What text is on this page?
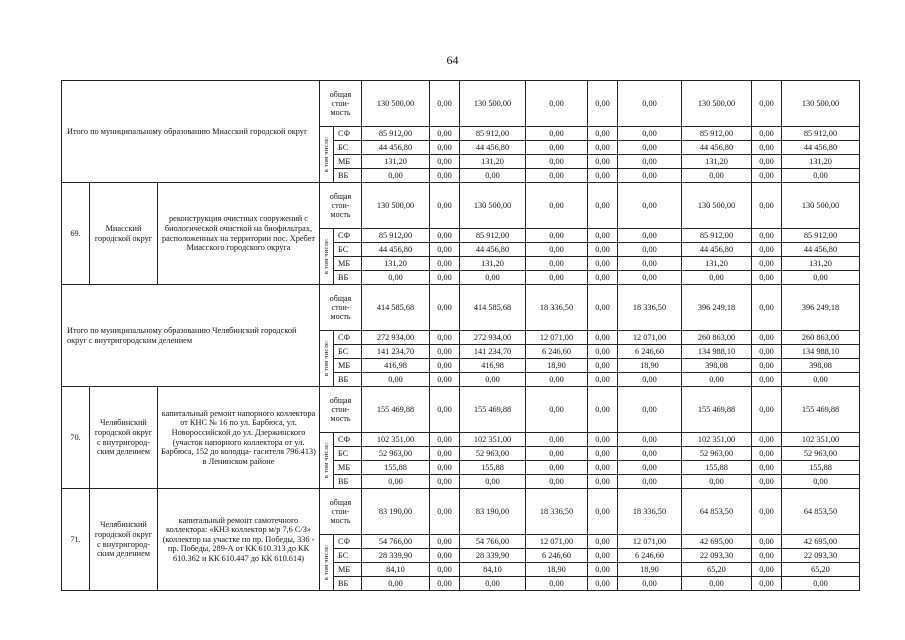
64
Итого по муниципальному образованию Миасский городской округ			общая стои- мость		130 500,00	0,00	130 500,00	0,00	0,00	0,00	130 500,00	0,00	130 500,00

			в том числе:	СФ	85 912,00	0,00	85 912,00	0,00	0,00	0,00	85 912,00	0,00	85 912,00
				БС	44 456,80	0,00	44 456,80	0,00	0,00	0,00	44 456,80	0,00	44 456,80
				МБ	131,20	0,00	131,20	0,00	0,00	0,00	131,20	0,00	131,20
				ВБ	0,00	0,00	0,00	0,00	0,00	0,00	0,00	0,00	0,00
69.	Миасский городской округ	реконструкция очистных сооружений с биологической очисткой на биофильтрах, расположенных на территории пос. Хребет Миасского городского округа	общая стои- мость		130 500,00	0,00	130 500,00	0,00	0,00	0,00	130 500,00	0,00	130 500,00

			в том числе:	СФ	85 912,00	0,00	85 912,00	0,00	0,00	0,00	85 912,00	0,00	85 912,00
				БС	44 456,80	0,00	44 456,80	0,00	0,00	0,00	44 456,80	0,00	44 456,80
				МБ	131,20	0,00	131,20	0,00	0,00	0,00	131,20	0,00	131,20
				ВБ	0,00	0,00	0,00	0,00	0,00	0,00	0,00	0,00	0,00
Итого по муниципальному образованию Челябинский городской округ с внутригородским делением			общая стои- мость		414 585,68	0,00	414 585,68	18 336,50	0,00	18 336,50	396 249,18	0,00	396 249,18

			в том числе:	СФ	272 934,00	0,00	272 934,00	12 071,00	0,00	12 071,00	260 863,00	0,00	260 863,00
				БС	141 234,70	0,00	141 234,70	6 246,60	0,00	6 246,60	134 988,10	0,00	134 988,10
				МБ	416,98	0,00	416,98	18,90	0,00	18,90	398,08	0,00	398,08
				ВБ	0,00	0,00	0,00	0,00	0,00	0,00	0,00	0,00	0,00
70.	Челябинский городской округ с внутригород- ским делением	капитальный ремонт напорного коллектора от КНС № 16 по ул. Барбюса, ул. Новороссийской до ул. Дзержинского (участок напорного коллектора от ул. Барбюса, 152 до колодца- гасителя 796.413) в Ленинском районе	общая стои- мость		155 469,88	0,00	155 469,88	0,00	0,00	0,00	155 469,88	0,00	155 469,88

			в том числе:	СФ	102 351,00	0,00	102 351,00	0,00	0,00	0,00	102 351,00	0,00	102 351,00
				БС	52 963,00	0,00	52 963,00	0,00	0,00	0,00	52 963,00	0,00	52 963,00
				МБ	155,88	0,00	155,88	0,00	0,00	0,00	155,88	0,00	155,88
				ВБ	0,00	0,00	0,00	0,00	0,00	0,00	0,00	0,00	0,00
71.	Челябинский городской округ с внутригород- ским делением	капитальный ремонт самотечного коллектора: «КН3 коллектор м/р 7,6 С/З» (коллектор на участке по пр. Победы, 336 - пр. Победы, 289-А от КК 610.313 до КК 610.362 и КК 610.447 до КК 610.614)	общая стои- мость		83 190,00	0,00	83 190,00	18 336,50	0,00	18 336,50	64 853,50	0,00	64 853,50

			в том числе:	СФ	54 766,00	0,00	54 766,00	12 071,00	0,00	12 071,00	42 695,00	0,00	42 695,00
				БС	28 339,90	0,00	28 339,90	6 246,60	0,00	6 246,60	22 093,30	0,00	22 093,30
				МБ	84,10	0,00	84,10	18,90	0,00	18,90	65,20	0,00	65,20
				ВБ	0,00	0,00	0,00	0,00	0,00	0,00	0,00	0,00	0,00
